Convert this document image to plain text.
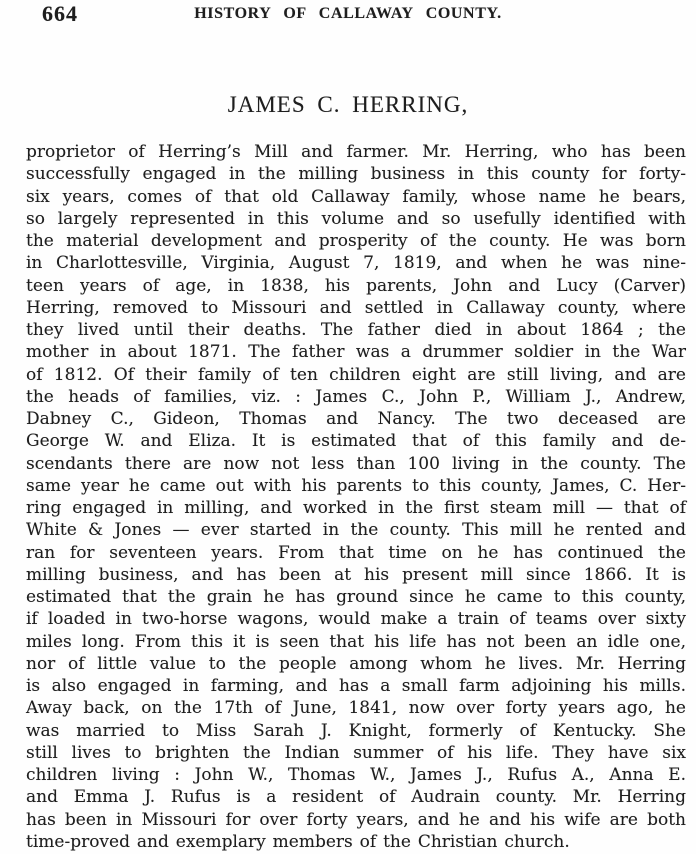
664	HISTORY OF CALLAWAY COUNTY.
JAMES C. HERRING,
proprietor of Herring’s Mill and farmer. Mr. Herring, who has been
successfully engaged in the milling business in this county for forty-
six years, comes of that old Callaway family, whose name he bears,
so largely represented in this volume and so usefully identified with
the material development and prosperity of the county. He was born
in Charlottesville, Virginia, August 7, 1819, and when he was nine-
teen years of age, in 1838, his parents, John and Lucy (Carver)
Herring, removed to Missouri and settled in Callaway county, where
they lived until their deaths. The father died in about 1864 ; the
mother in about 1871. The father was a drummer soldier in the War
of 1812. Of their family of ten children eight are still living, and are
the heads of families, viz. : James C., John P., William J., Andrew,
Dabney C., Gideon, Thomas and Nancy. The two deceased are
George W. and Eliza. It is estimated that of this family and de-
scendants there are now not less than 100 living in the county. The
same year he came out with his parents to this county, James, C. Her-
ring engaged in milling, and worked in the first steam mill — that of
White & Jones — ever started in the county. This mill he rented and
ran for seventeen years. From that time on he has continued the
milling business, and has been at his present mill since 1866. It is
estimated that the grain he has ground since he came to this county,
if loaded in two-horse wagons, would make a train of teams over sixty
miles long. From this it is seen that his life has not been an idle one,
nor of little value to the people among whom he lives. Mr. Herring
is also engaged in farming, and has a small farm adjoining his mills.
Away back, on the 17th of June, 1841, now over forty years ago, he
was married to Miss Sarah J. Knight, formerly of Kentucky. She
still lives to brighten the Indian summer of his life. They have six
children living : John W., Thomas W., James J., Rufus A., Anna E.
and Emma J. Rufus is a resident of Audrain county. Mr. Herring
has been in Missouri for over forty years, and he and his wife are both
time-proved and exemplary members of the Christian church.
